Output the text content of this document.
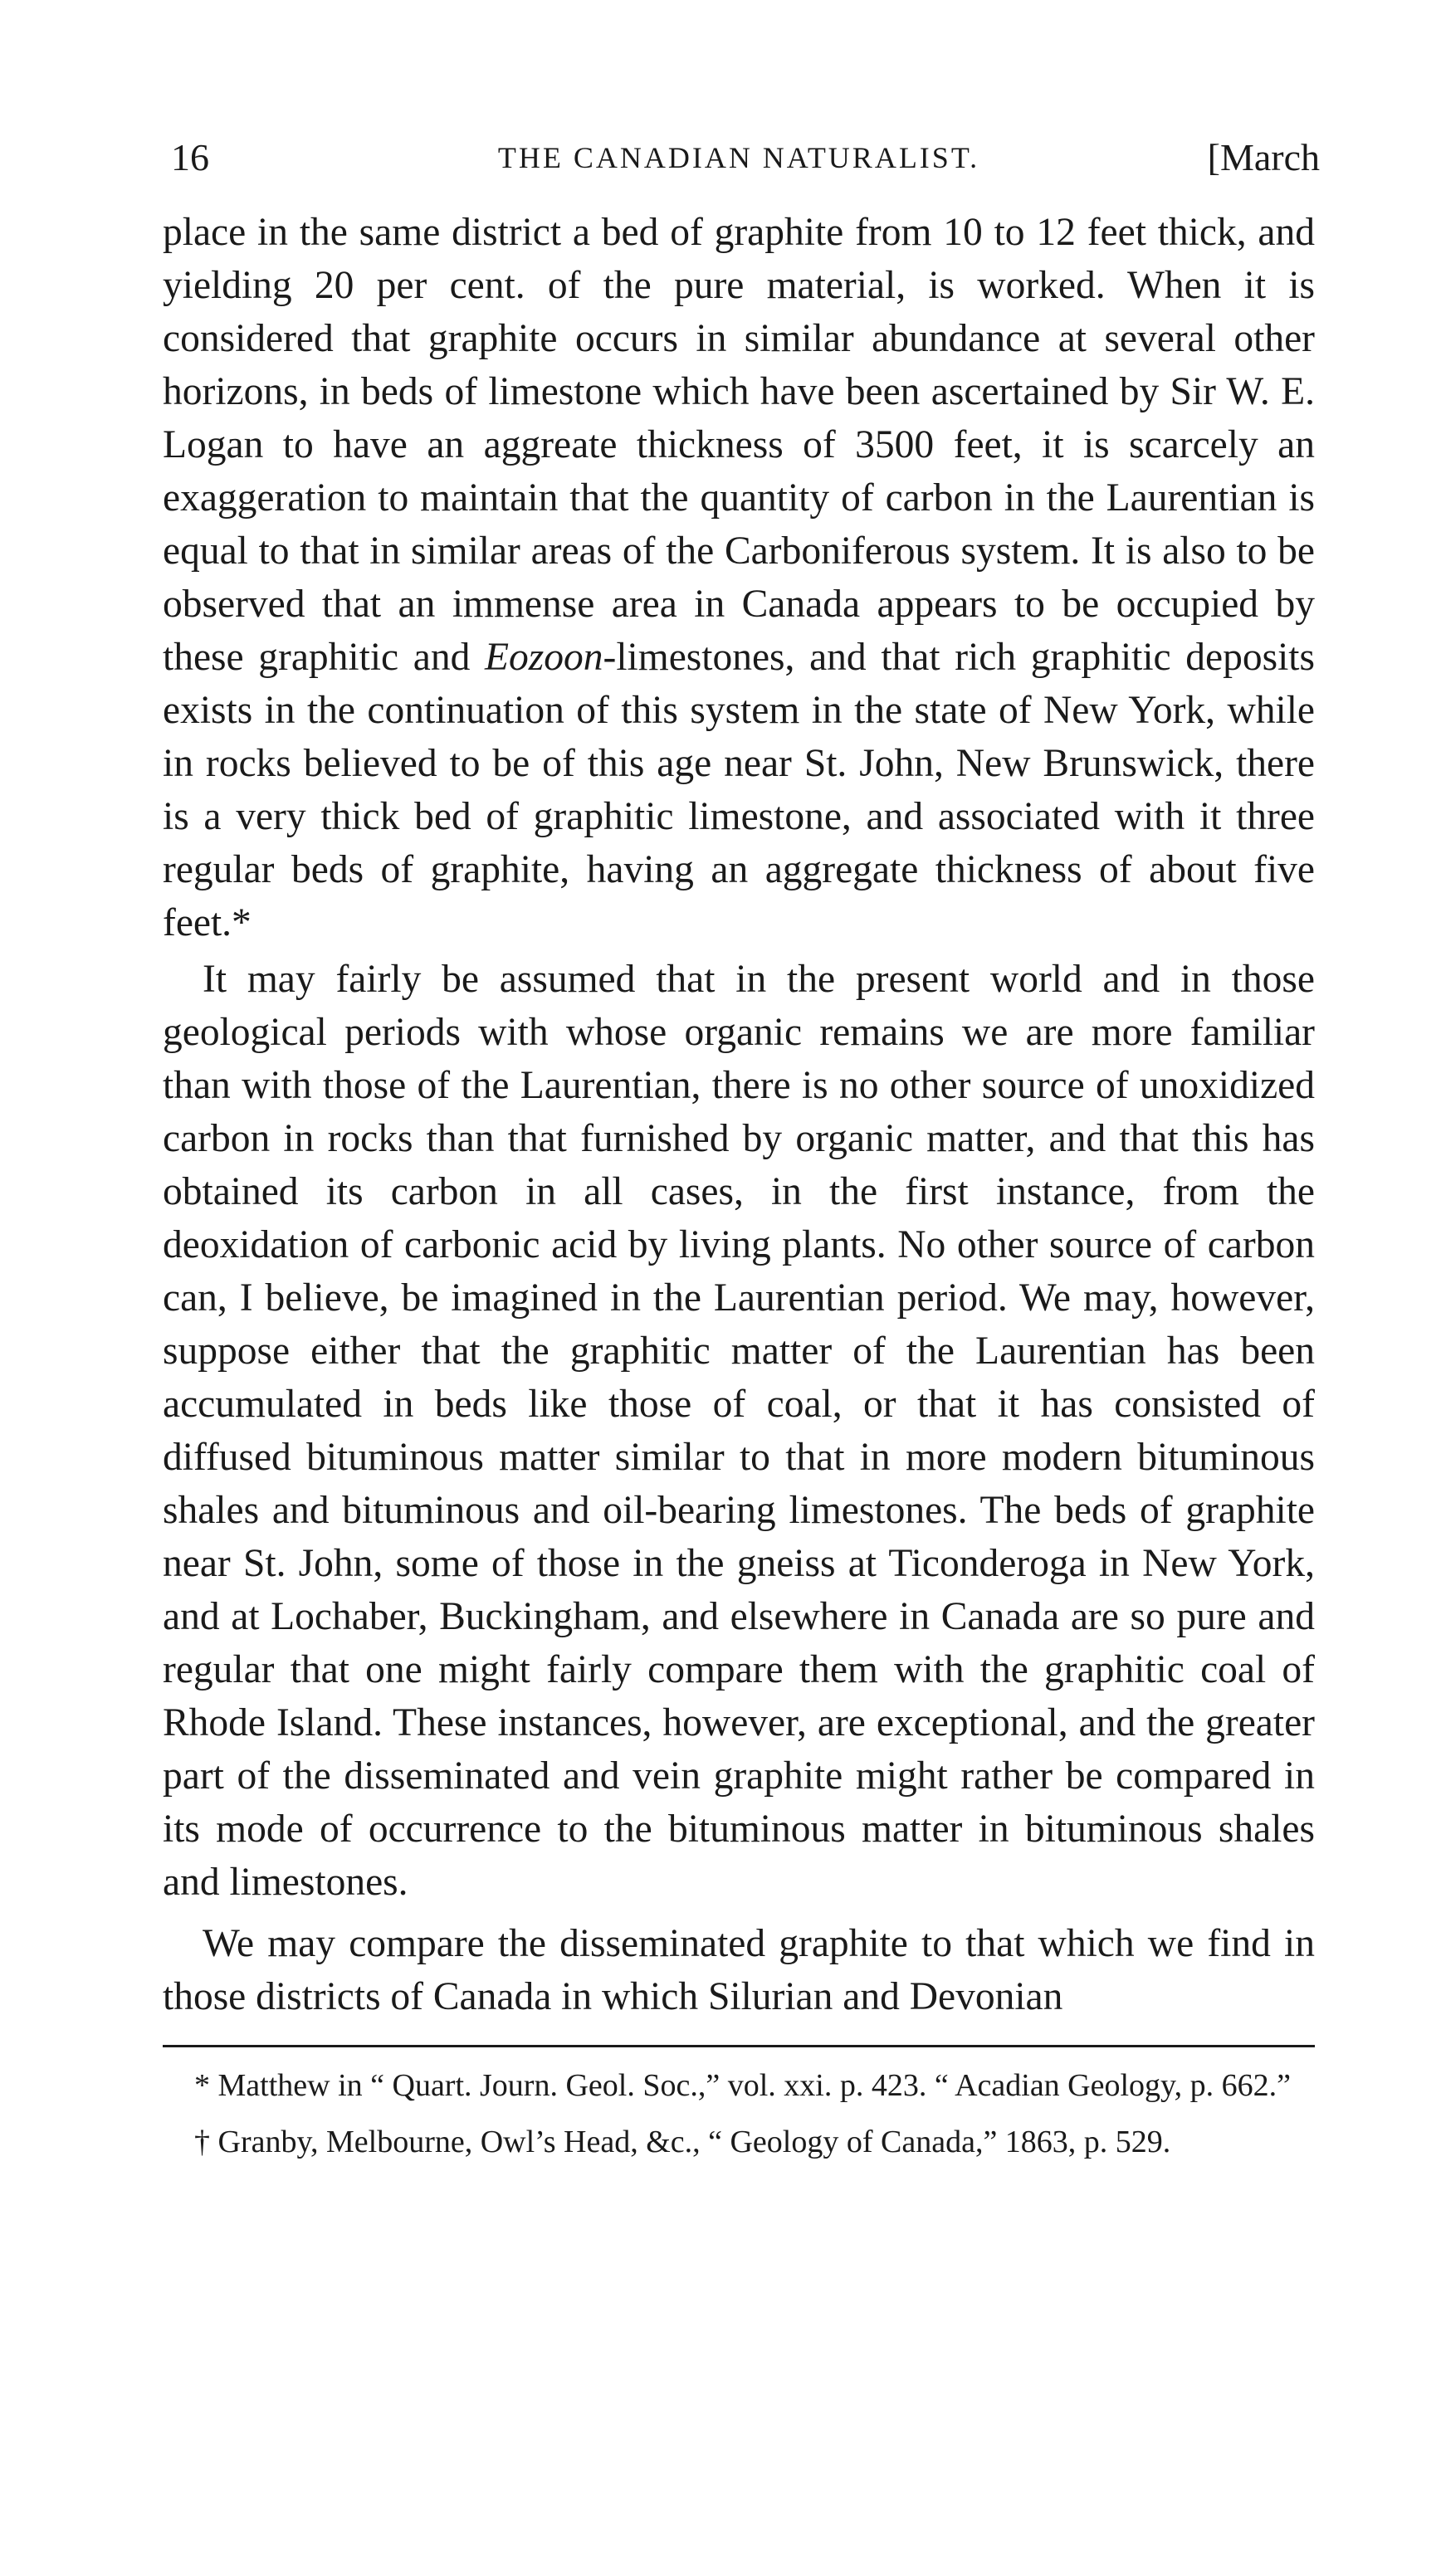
16	THE CANADIAN NATURALIST.	[March

place in the same district a bed of graphite from 10 to 12 feet thick, and yielding 20 per cent. of the pure material, is worked. When it is considered that graphite occurs in similar abundance at several other horizons, in beds of limestone which have been ascertained by Sir W. E. Logan to have an aggreate thickness of 3500 feet, it is scarcely an exaggeration to maintain that the quantity of carbon in the Laurentian is equal to that in similar areas of the Carboniferous system. It is also to be observed that an immense area in Canada appears to be occupied by these graphitic and Eozoon-limestones, and that rich graphitic deposits exists in the continuation of this system in the state of New York, while in rocks believed to be of this age near St. John, New Brunswick, there is a very thick bed of graphitic limestone, and associated with it three regular beds of graphite, having an aggregate thickness of about five feet.*

It may fairly be assumed that in the present world and in those geological periods with whose organic remains we are more familiar than with those of the Laurentian, there is no other source of unoxidized carbon in rocks than that furnished by organic matter, and that this has obtained its carbon in all cases, in the first instance, from the deoxidation of carbonic acid by living plants. No other source of carbon can, I believe, be imagined in the Laurentian period. We may, however, suppose either that the graphitic matter of the Laurentian has been accumulated in beds like those of coal, or that it has consisted of diffused bituminous matter similar to that in more modern bituminous shales and bituminous and oil-bearing limestones. The beds of graphite near St. John, some of those in the gneiss at Ticonderoga in New York, and at Lochaber, Buckingham, and elsewhere in Canada are so pure and regular that one might fairly compare them with the graphitic coal of Rhode Island. These instances, however, are exceptional, and the greater part of the disseminated and vein graphite might rather be compared in its mode of occurrence to the bituminous matter in bituminous shales and limestones.

We may compare the disseminated graphite to that which we find in those districts of Canada in which Silurian and Devonian

* Matthew in “ Quart. Journ. Geol. Soc.,” vol. xxi. p. 423. “ Acadian Geology, p. 662.”

† Granby, Melbourne, Owl’s Head, &c., “ Geology of Canada,” 1863, p. 529.
